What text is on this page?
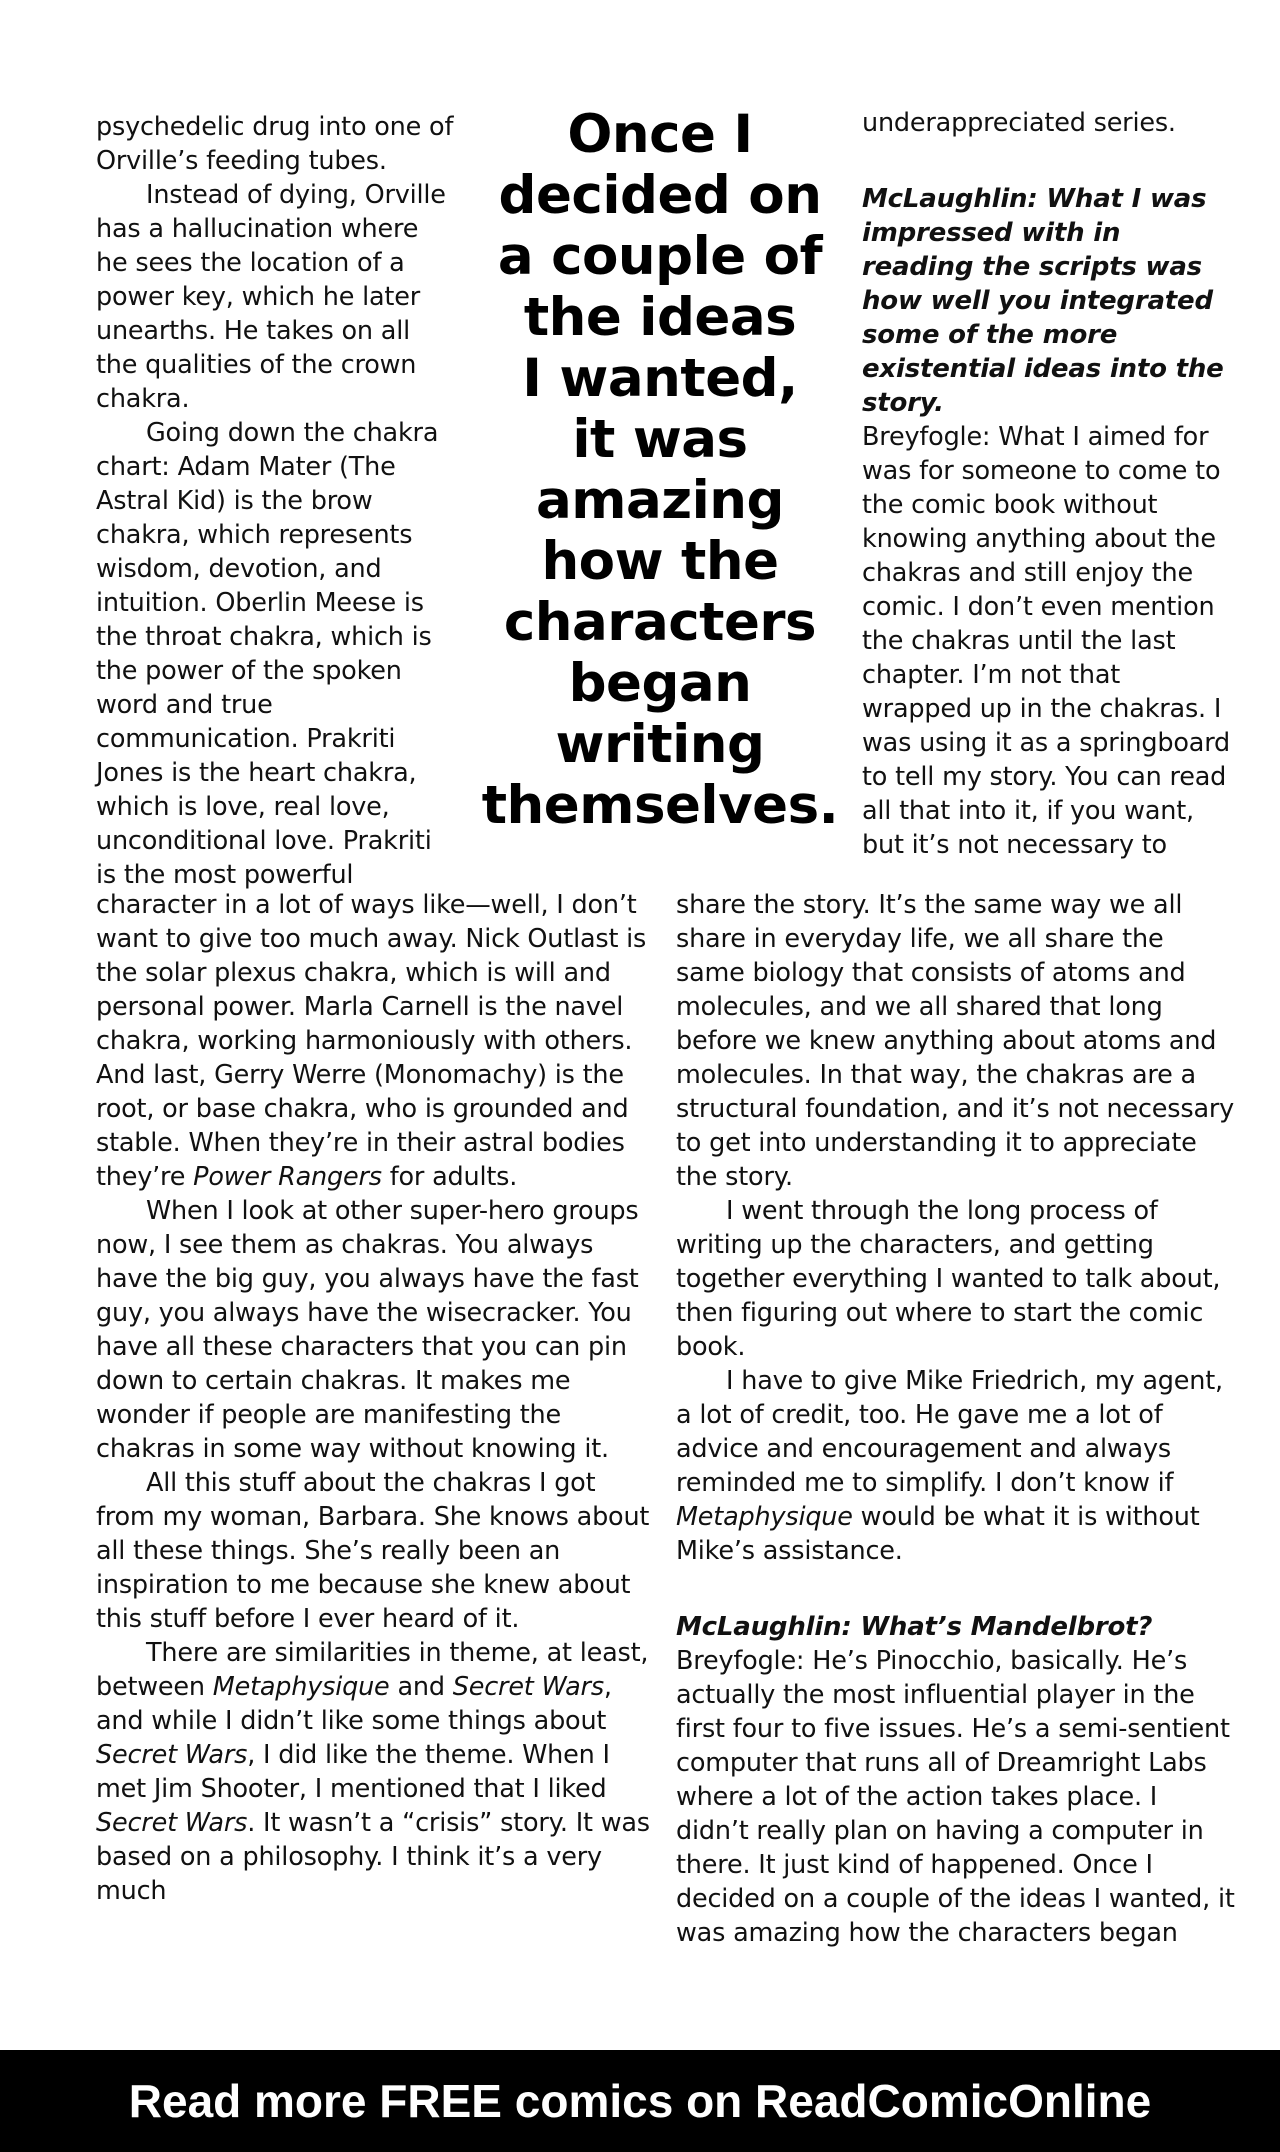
psychedelic drug into one of Orville’s feeding tubes.

Instead of dying, Orville has a hallucination where he sees the location of a power key, which he later unearths. He takes on all the qualities of the crown chakra.

Going down the chakra chart: Adam Mater (The Astral Kid) is the brow chakra, which represents wisdom, devotion, and intuition. Oberlin Meese is the throat chakra, which is the power of the spoken word and true communication. Prakriti Jones is the heart chakra, which is love, real love, unconditional love. Prakriti is the most powerful

Once I
decided on
a couple of
the ideas
I wanted,
it was
amazing
how the
characters
began
writing
themselves.

underappreciated series.

McLaughlin: What I was impressed with in reading the scripts was how well you integrated some of the more existential ideas into the story.

Breyfogle: What I aimed for was for someone to come to the comic book without knowing anything about the chakras and still enjoy the comic. I don’t even mention the chakras until the last chapter. I’m not that wrapped up in the chakras. I was using it as a springboard to tell my story. You can read all that into it, if you want, but it’s not necessary to

character in a lot of ways like—well, I don’t want to give too much away. Nick Outlast is the solar plexus chakra, which is will and personal power. Marla Carnell is the navel chakra, working harmoniously with others. And last, Gerry Werre (Monomachy) is the root, or base chakra, who is grounded and stable. When they’re in their astral bodies they’re Power Rangers for adults.

When I look at other super-hero groups now, I see them as chakras. You always have the big guy, you always have the fast guy, you always have the wisecracker. You have all these characters that you can pin down to certain chakras. It makes me wonder if people are manifesting the chakras in some way without knowing it.

All this stuff about the chakras I got from my woman, Barbara. She knows about all these things. She’s really been an inspiration to me because she knew about this stuff before I ever heard of it.

There are similarities in theme, at least, between Metaphysique and Secret Wars, and while I didn’t like some things about Secret Wars, I did like the theme. When I met Jim Shooter, I mentioned that I liked Secret Wars. It wasn’t a “crisis” story. It was based on a philosophy. I think it’s a very much

share the story. It’s the same way we all share in everyday life, we all share the same biology that consists of atoms and molecules, and we all shared that long before we knew anything about atoms and molecules. In that way, the chakras are a structural foundation, and it’s not necessary to get into understanding it to appreciate the story.

I went through the long process of writing up the characters, and getting together everything I wanted to talk about, then figuring out where to start the comic book.

I have to give Mike Friedrich, my agent, a lot of credit, too. He gave me a lot of advice and encouragement and always reminded me to simplify. I don’t know if Metaphysique would be what it is without Mike’s assistance.

McLaughlin: What’s Mandelbrot?

Breyfogle: He’s Pinocchio, basically. He’s actually the most influential player in the first four to five issues. He’s a semi-sentient computer that runs all of Dreamright Labs where a lot of the action takes place. I didn’t really plan on having a computer in there. It just kind of happened. Once I decided on a couple of the ideas I wanted, it was amazing how the characters began

Read more FREE comics on ReadComicOnline
